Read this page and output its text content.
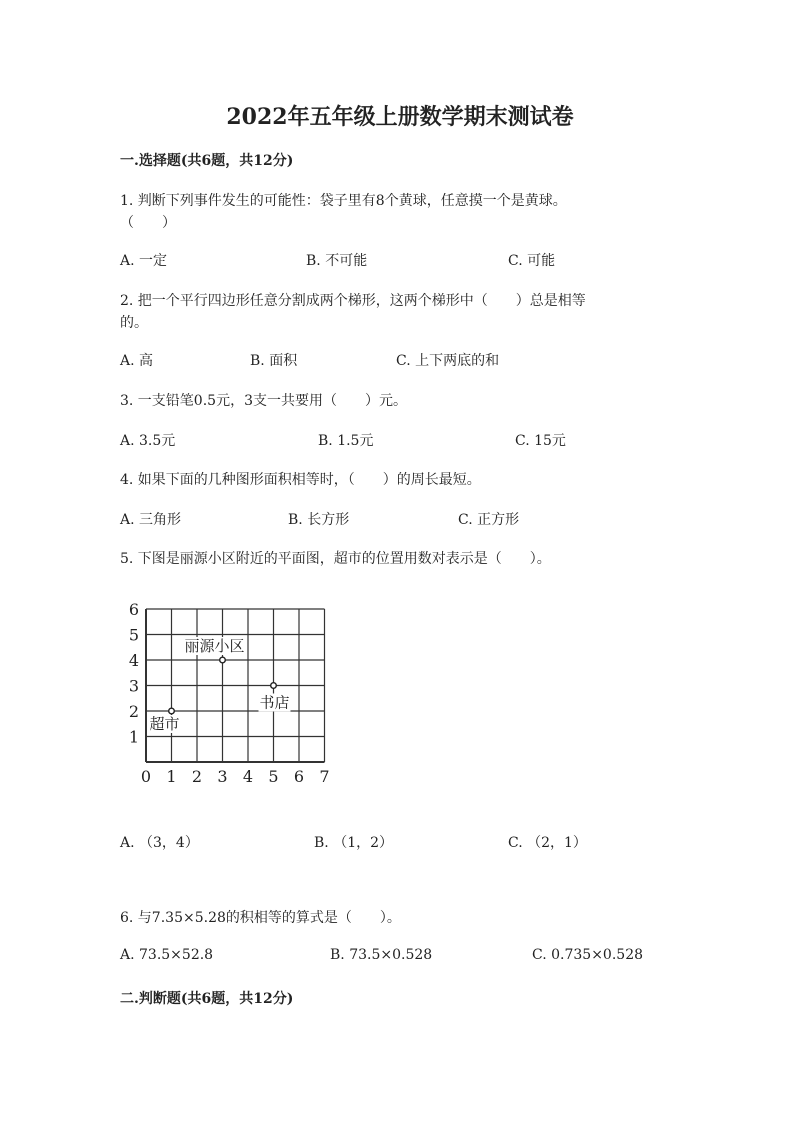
2022年五年级上册数学期末测试卷
一.选择题(共6题，共12分)
1. 判断下列事件发生的可能性：袋子里有8个黄球，任意摸一个是黄球。
（　　）
A. 一定	B. 不可能	C. 可能
2. 把一个平行四边形任意分割成两个梯形，这两个梯形中（　　）总是相等
的。
A. 高	B. 面积	C. 上下两底的和
3. 一支铅笔0.5元，3支一共要用（　　）元。
A. 3.5元	B. 1.5元	C. 15元
4. 如果下面的几种图形面积相等时，（　　）的周长最短。
A. 三角形	B. 长方形	C. 正方形
5. 下图是丽源小区附近的平面图，超市的位置用数对表示是（　　）。
0 1 2 3 4 5 6 7
1
2
3
4
5
6
丽源小区
书店
超市
A. （3，4）	B. （1，2）	C. （2，1）
6. 与7.35×5.28的积相等的算式是（　　）。
A. 73.5×52.8	B. 73.5×0.528	C. 0.735×0.528
二.判断题(共6题，共12分)
